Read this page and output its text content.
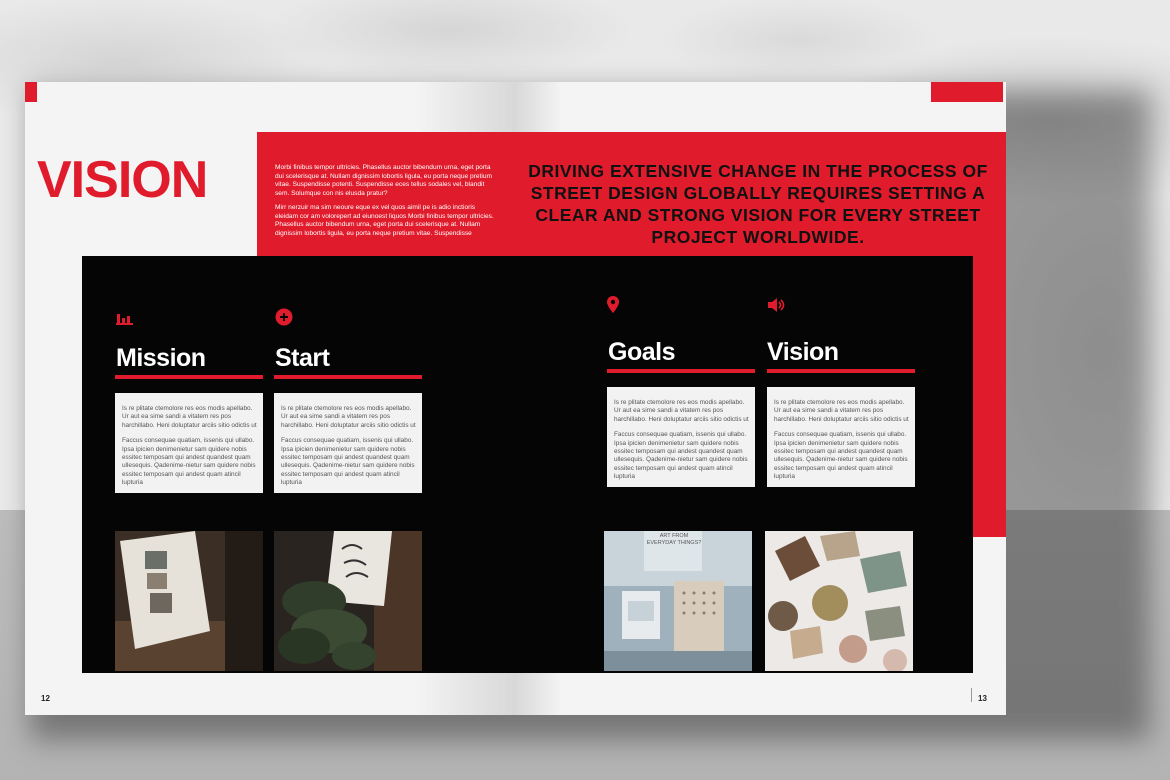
Morbi finibus tempor ultricies. Phasellus auctor bibendum urna, eget porta dui scelerisque at. Nullam dignissim lobortis ligula, eu porta neque pretium vitae. Suspendisse potenti. Suspendisse eces tellus sodales vel, blandit sem. Solumque con nis elusda pratur?
Mirr nerzuir ma sim neoure eque ex vel quos aimil pe is adio inctioris eleidam cor am volorepert ad eiunoest liquos Morbi finibus tempor ultricies. Phasellus auctor bibendum urna, eget porta dui scelerisque at. Nullam dignissim lobortis ligula, eu porta neque pretium vitae. Suspendisse
VISION
Mission

Is re plitate ctemolore res eos modis apellabo. Ur aut ea sime sandi a vitatem res pos harchillabo. Heni doluptatur arciis sitio odictis ut

Faccus consequae quatiam, issenis qui ullabo. Ipsa ipicien denimenietur sam quidere nobis essitec temposam qui andest quandest quam ullesequis. Qadenime-nietur sam quidere nobis essitec temposam qui andest quam atincil lupturia

Start

Is re plitate ctemolore res eos modis apellabo. Ur aut ea sime sandi a vitatem res pos harchillabo. Heni doluptatur arciis sitio odictis ut

Faccus consequae quatiam, issenis qui ullabo. Ipsa ipicien denimenietur sam quidere nobis essitec temposam qui andest quandest quam ullesequis. Qadenime-nietur sam quidere nobis essitec temposam qui andest quam atincil lupturia

12
DRIVING EXTENSIVE CHANGE IN THE PROCESS OF STREET DESIGN GLOBALLY REQUIRES SETTING A CLEAR AND STRONG VISION FOR EVERY STREET PROJECT WORLDWIDE.
Goals

Is re plitate ctemolore res eos modis apellabo. Ur aut ea sime sandi a vitatem res pos harchillabo. Heni doluptatur arciis sitio odictis ut

Faccus consequae quatiam, issenis qui ullabo. Ipsa ipicien denimenietur sam quidere nobis essitec temposam qui andest quandest quam ullesequis. Qadenime-nietur sam quidere nobis essitec temposam qui andest quam atincil lupturia

ART FROM EVERYDAY THINGS?
Vision

Is re plitate ctemolore res eos modis apellabo. Ur aut ea sime sandi a vitatem res pos harchillabo. Heni doluptatur arciis sitio odictis ut

Faccus consequae quatiam, issenis qui ullabo. Ipsa ipicien denimenietur sam quidere nobis essitec temposam qui andest quandest quam ullesequis. Qadenime-nietur sam quidere nobis essitec temposam qui andest quam atincil lupturia

13
